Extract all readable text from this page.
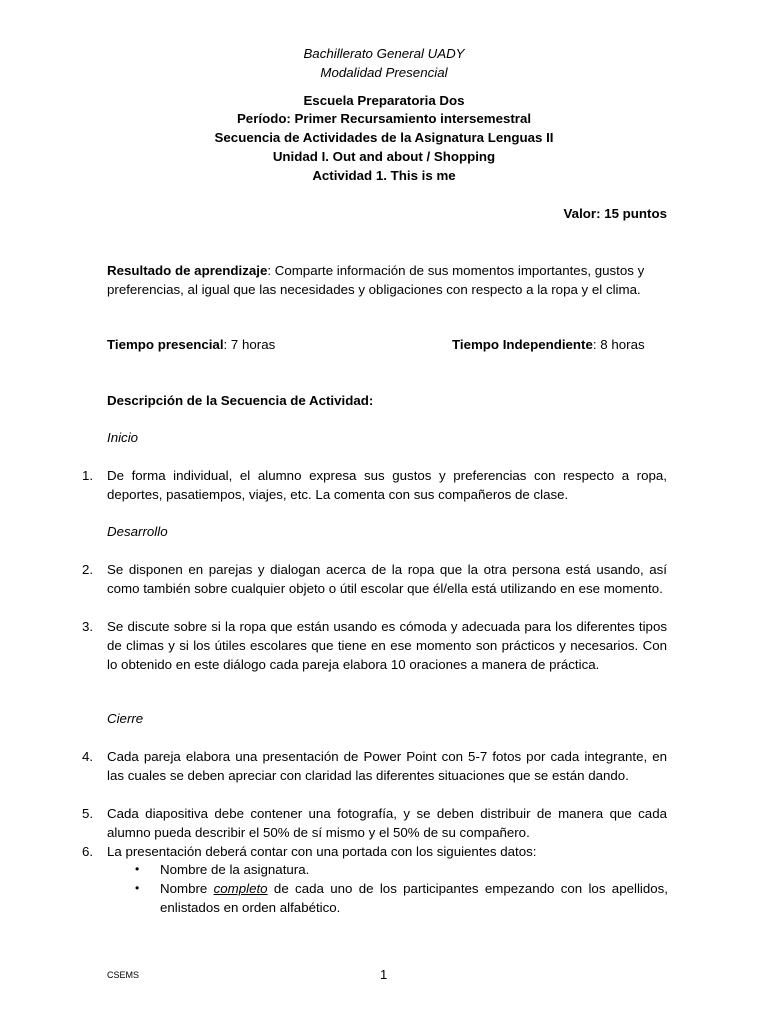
Bachillerato General UADY
Modalidad Presencial
Escuela Preparatoria Dos
Período: Primer Recursamiento intersemestral
Secuencia de Actividades de la Asignatura Lenguas II
Unidad I. Out and about / Shopping
Actividad 1. This is me
Valor: 15 puntos
Resultado de aprendizaje: Comparte información de sus momentos importantes, gustos y
preferencias, al igual que las necesidades y obligaciones con respecto a la ropa y el clima.
Tiempo presencial: 7 horas	Tiempo Independiente: 8 horas
Descripción de la Secuencia de Actividad:
Inicio
1. De forma individual, el alumno expresa sus gustos y preferencias con respecto a ropa, deportes, pasatiempos, viajes, etc. La comenta con sus compañeros de clase.
Desarrollo
2. Se disponen en parejas y dialogan acerca de la ropa que la otra persona está usando, así como también sobre cualquier objeto o útil escolar que él/ella está utilizando en ese momento.
3. Se discute sobre si la ropa que están usando es cómoda y adecuada para los diferentes tipos de climas y si los útiles escolares que tiene en ese momento son prácticos y necesarios. Con lo obtenido en este diálogo cada pareja elabora 10 oraciones a manera de práctica.
Cierre
4. Cada pareja elabora una presentación de Power Point con 5-7 fotos por cada integrante, en las cuales se deben apreciar con claridad las diferentes situaciones que se están dando.
5. Cada diapositiva debe contener una fotografía, y se deben distribuir de manera que cada alumno pueda describir el 50% de sí mismo y el 50% de su compañero.
6. La presentación deberá contar con una portada con los siguientes datos:
• Nombre de la asignatura.
• Nombre completo de cada uno de los participantes empezando con los apellidos, enlistados en orden alfabético.
CSEMS	1
